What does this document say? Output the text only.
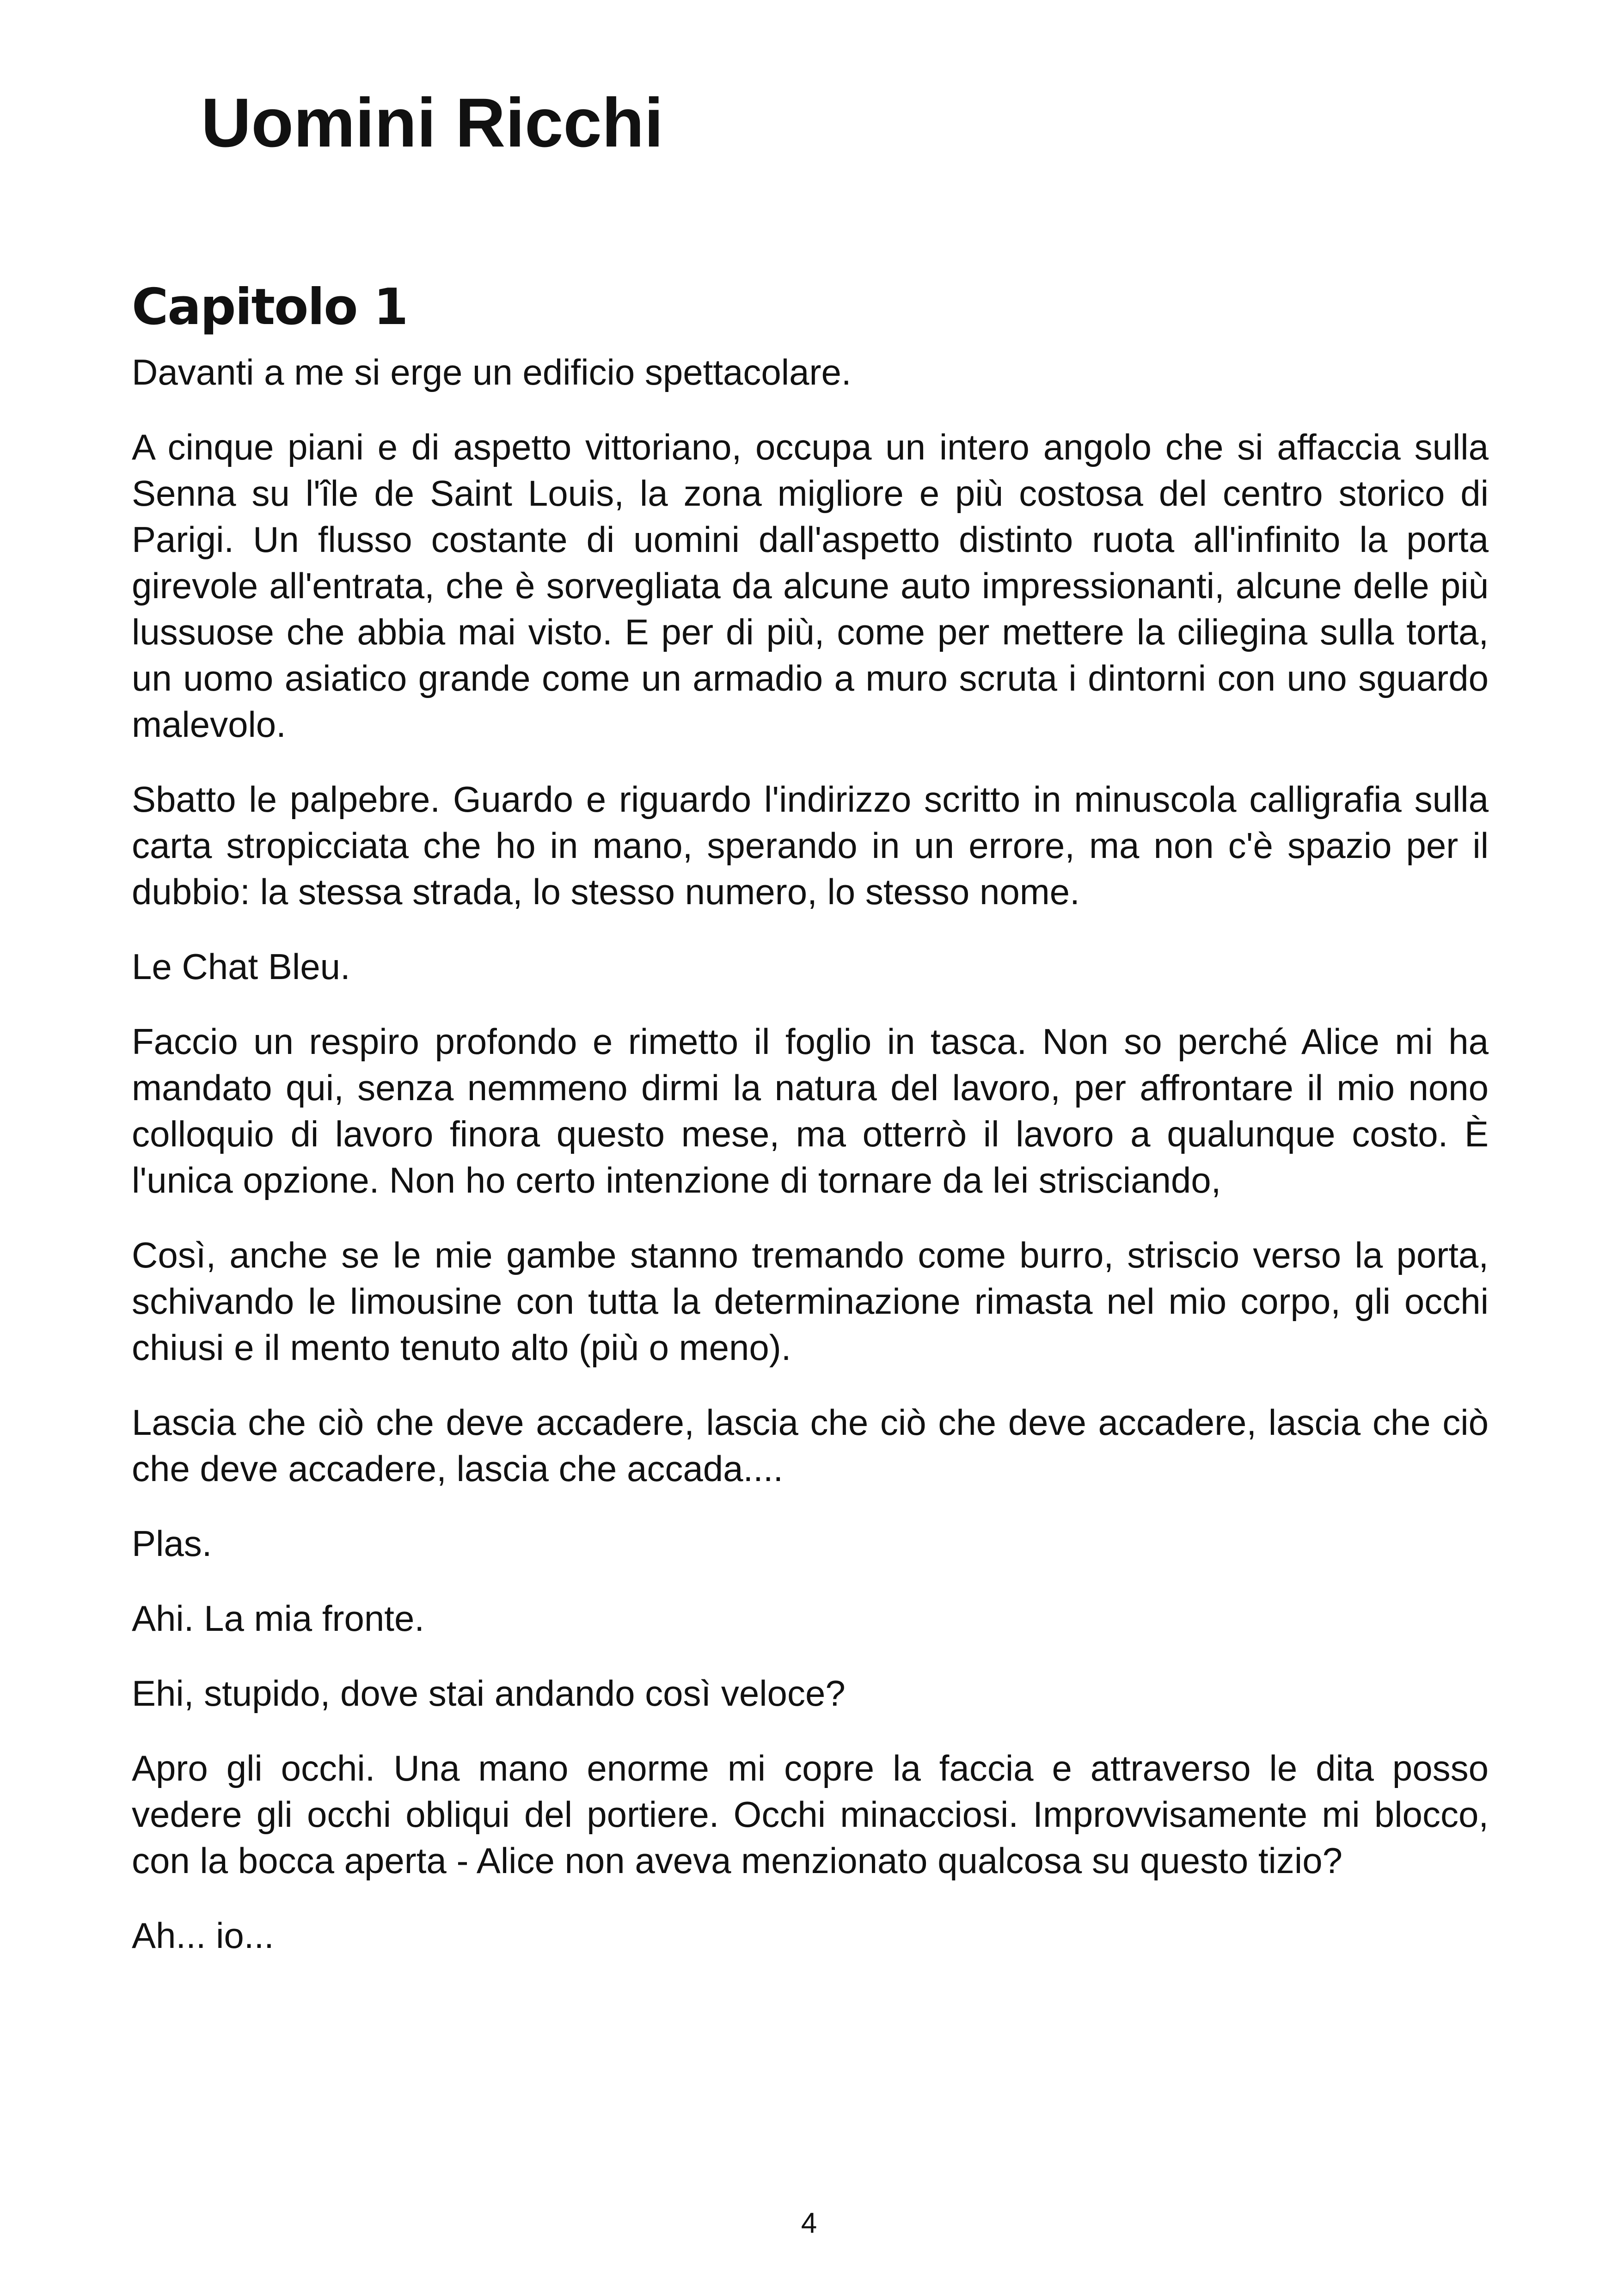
Uomini Ricchi
Capitolo 1

Davanti a me si erge un edificio spettacolare.

A cinque piani e di aspetto vittoriano, occupa un intero angolo che si affaccia sulla Senna su l'île de Saint Louis, la zona migliore e più costosa del centro storico di Parigi. Un flusso costante di uomini dall'aspetto distinto ruota all'infinito la porta girevole all'entrata, che è sorvegliata da alcune auto impressionanti, alcune delle più lussuose che abbia mai visto. E per di più, come per mettere la ciliegina sulla torta, un uomo asiatico grande come un armadio a muro scruta i dintorni con uno sguardo malevolo.

Sbatto le palpebre. Guardo e riguardo l'indirizzo scritto in minuscola calligrafia sulla carta stropicciata che ho in mano, sperando in un errore, ma non c'è spazio per il dubbio: la stessa strada, lo stesso numero, lo stesso nome.

Le Chat Bleu.

Faccio un respiro profondo e rimetto il foglio in tasca. Non so perché Alice mi ha mandato qui, senza nemmeno dirmi la natura del lavoro, per affrontare il mio nono colloquio di lavoro finora questo mese, ma otterrò il lavoro a qualunque costo. È l'unica opzione. Non ho certo intenzione di tornare da lei strisciando,

Così, anche se le mie gambe stanno tremando come burro, striscio verso la porta, schivando le limousine con tutta la determinazione rimasta nel mio corpo, gli occhi chiusi e il mento tenuto alto (più o meno).

Lascia che ciò che deve accadere, lascia che ciò che deve accadere, lascia che ciò che deve accadere, lascia che accada....

Plas.

Ahi. La mia fronte.

Ehi, stupido, dove stai andando così veloce?

Apro gli occhi. Una mano enorme mi copre la faccia e attraverso le dita posso vedere gli occhi obliqui del portiere. Occhi minacciosi. Improvvisamente mi blocco, con la bocca aperta - Alice non aveva menzionato qualcosa su questo tizio?

Ah... io...

4
